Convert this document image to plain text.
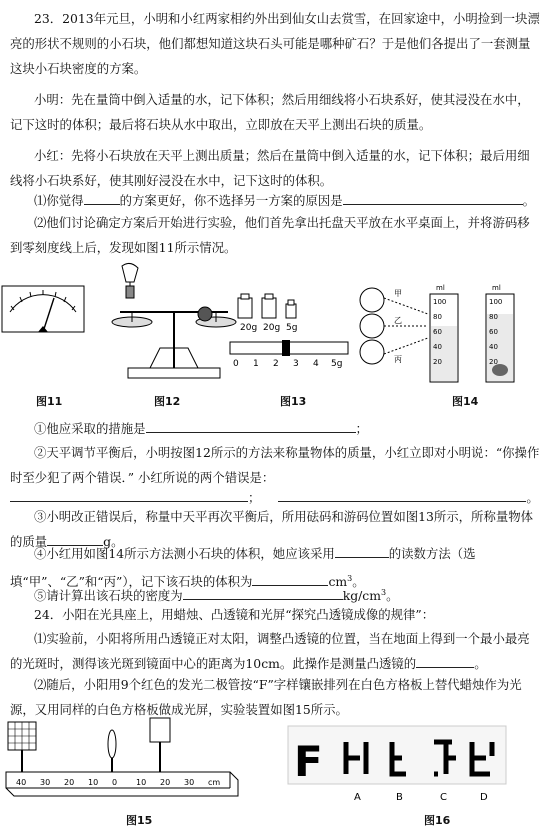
23．2013年元旦，小明和小红两家相约外出到仙女山去赏雪，在回家途中，小明捡到一块漂亮的形状不规则的小石块，他们都想知道这块石头可能是哪种矿石？于是他们各提出了一套测量这块小石块密度的方案。

小明：先在量筒中倒入适量的水，记下体积；然后用细线将小石块系好，使其浸没在水中，记下这时的体积；最后将石块从水中取出，立即放在天平上测出石块的质量。

小红：先将小石块放在天平上测出质量；然后在量筒中倒入适量的水，记下体积；最后用细线将小石块系好，使其刚好浸没在水中，记下这时的体积。

⑴你觉得	的方案更好，你不选择另一方案的原因是	。

⑵他们讨论确定方案后开始进行实验，他们首先拿出托盘天平放在水平桌面上，并将游码移到零刻度线上后，发现如图11所示情况。

20g 20g 5g
0 1 2 3 4 5g
甲
乙
丙
ml
100
80
60
40
20
ml
100
80
60
40
20
图11	图12	图13	图14

①他应采取的措施是	；

②天平调节平衡后，小明按图12所示的方法来称量物体的质量，小红立即对小明说：“你操作时至少犯了两个错误．” 小红所说的两个错误是：

；	。

③小明改正错误后，称量中天平再次平衡后，所用砝码和游码位置如图13所示，所称量物体的质量	g。

④小红用如图14所示方法测小石块的体积，她应该采用	的读数方法（选填“甲”、“乙”和“丙”），记下该石块的体积为	$cm^3$。

⑤请计算出该石块的密度为	$kg/cm^3$。

24．小阳在光具座上，用蜡烛、凸透镜和光屏“探究凸透镜成像的规律”：

⑴实验前，小阳将所用凸透镜正对太阳，调整凸透镜的位置，当在地面上得到一个最小最亮的光斑时，测得该光斑到镜面中心的距离为10cm。此操作是测量凸透镜的	。

⑵随后，小阳用9个红色的发光二极管按“F”字样镶嵌排列在白色方格板上替代蜡烛作为光源，又用同样的白色方格板做成光屏，实验装置如图15所示。

40 30 20 10 0 10 20 30 cm F
A	B	C	D
图15	图16
